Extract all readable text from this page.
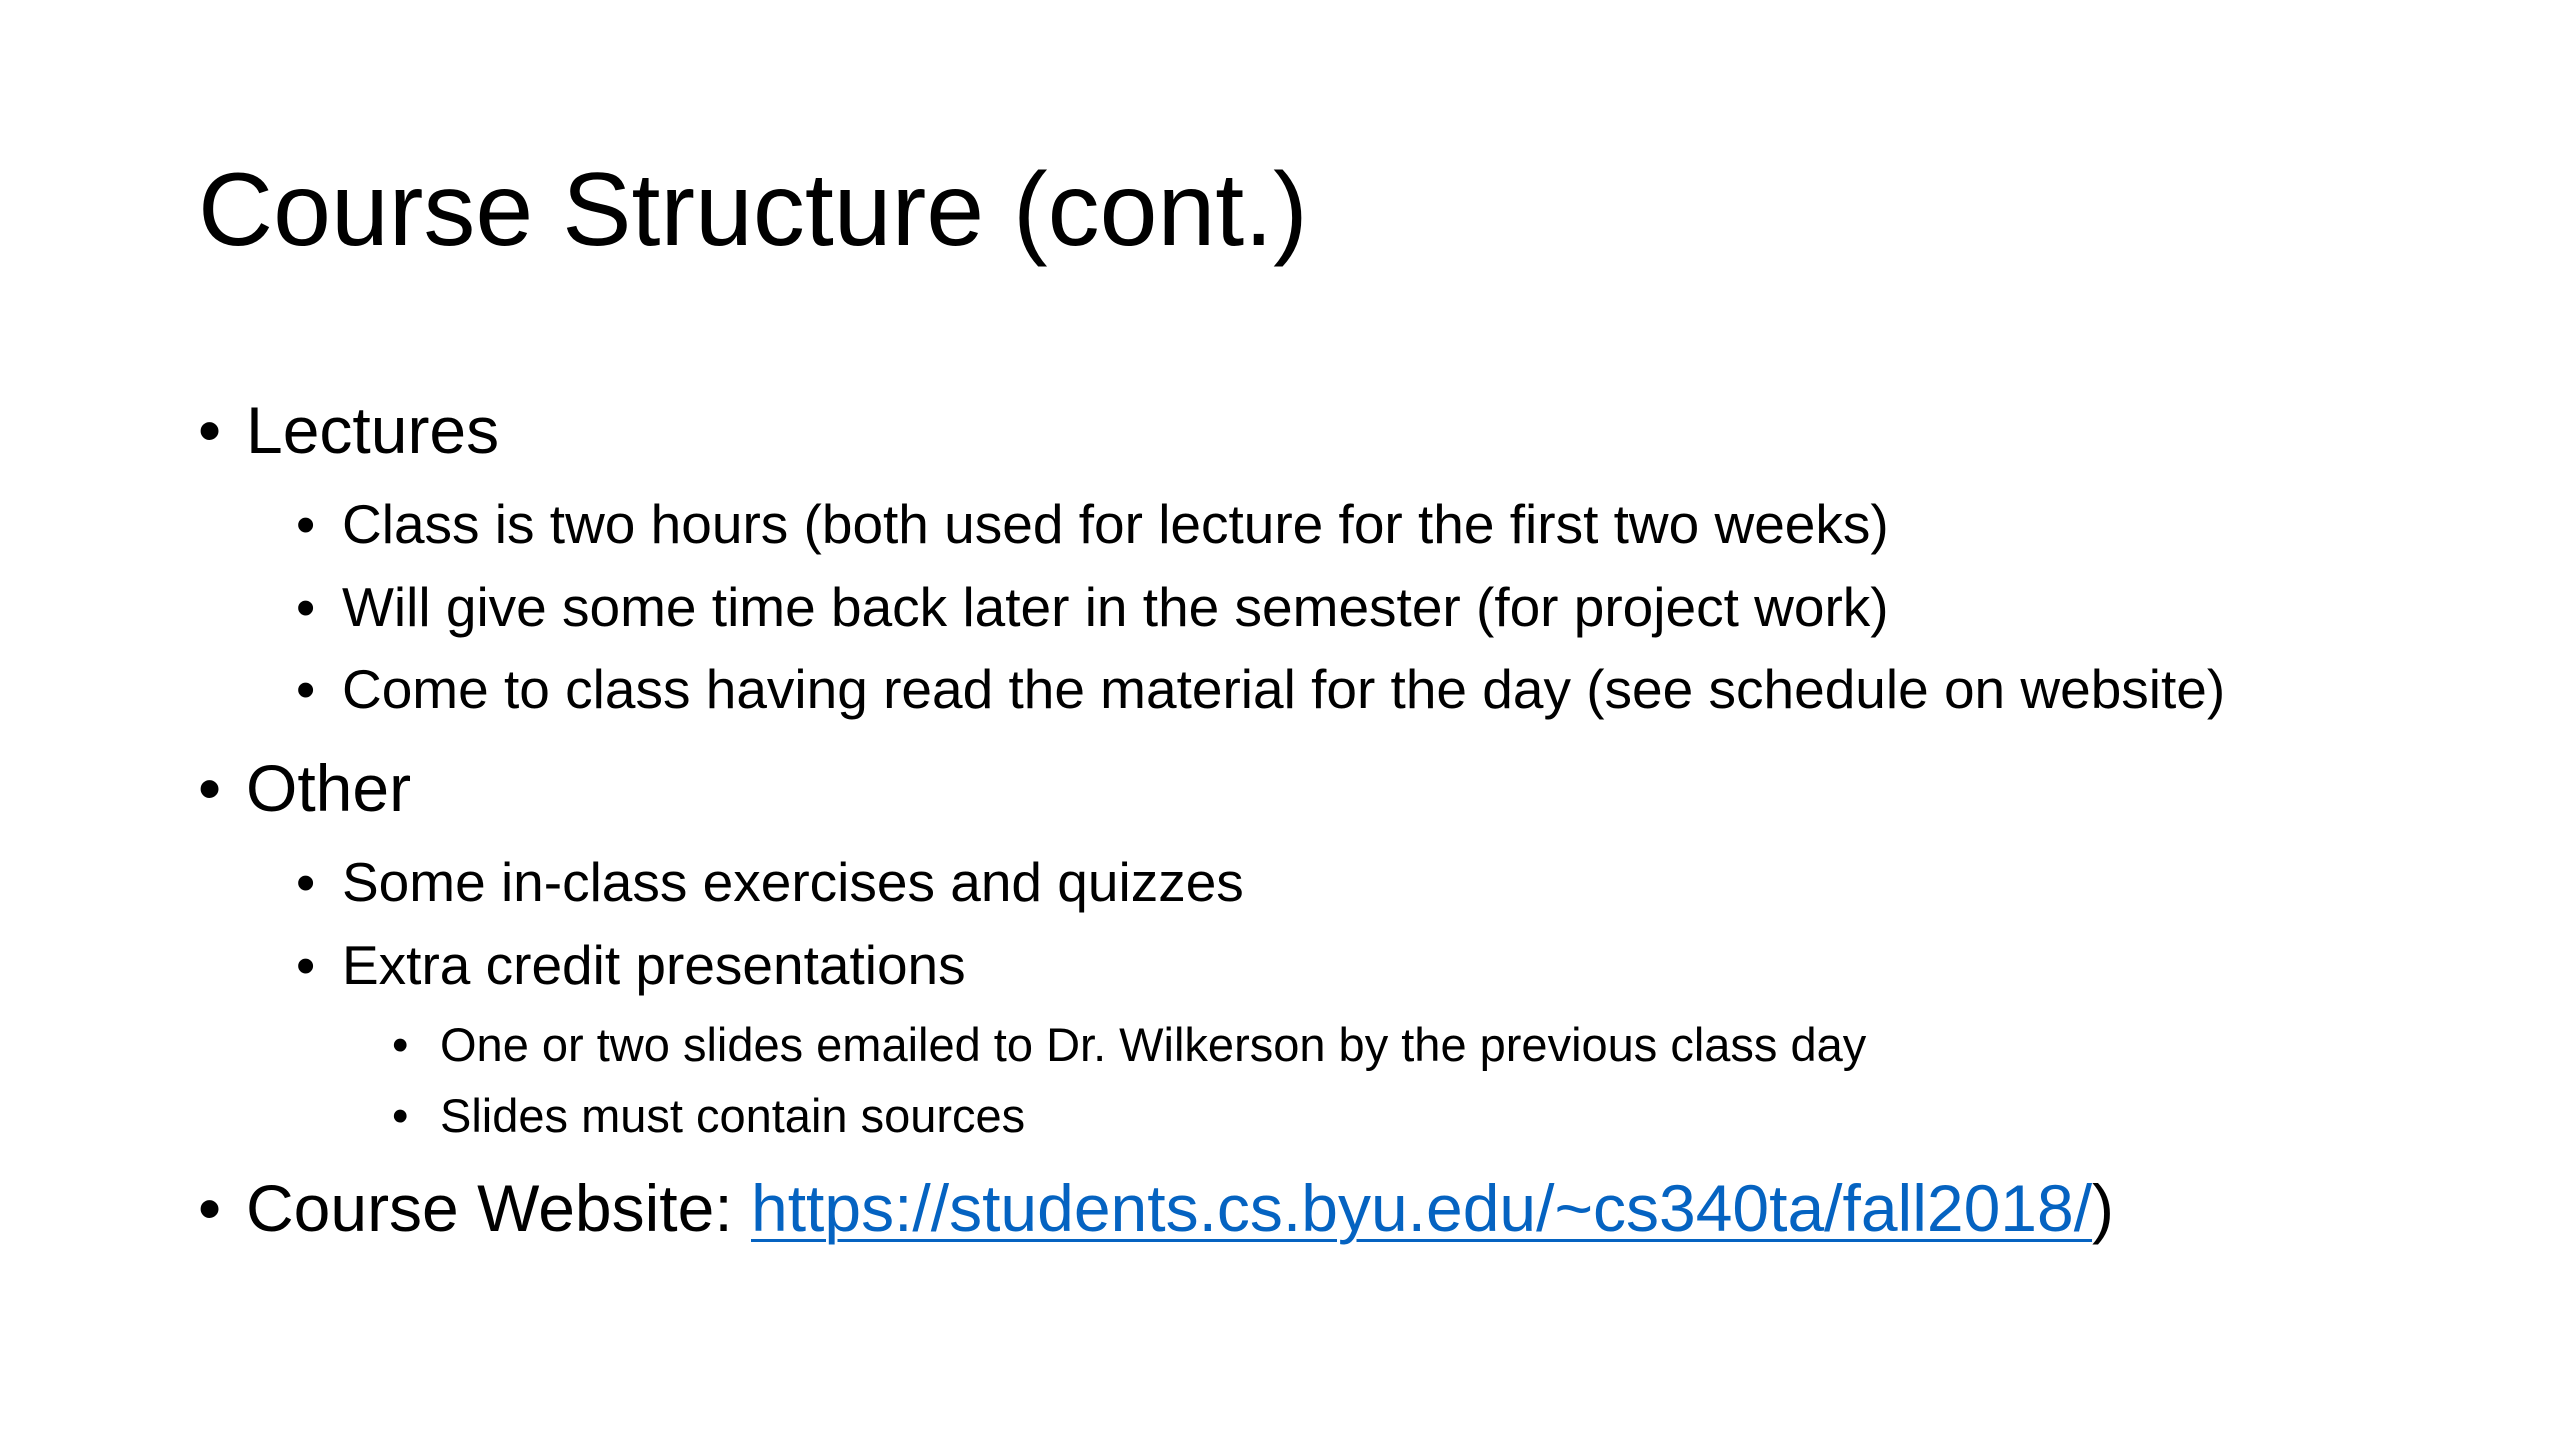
Course Structure (cont.)
• Lectures
• Class is two hours (both used for lecture for the first two weeks)
• Will give some time back later in the semester (for project work)
• Come to class having read the material for the day (see schedule on website)
• Other
• Some in-class exercises and quizzes
• Extra credit presentations
• One or two slides emailed to Dr. Wilkerson by the previous class day
• Slides must contain sources
• Course Website: https://students.cs.byu.edu/~cs340ta/fall2018/ )
